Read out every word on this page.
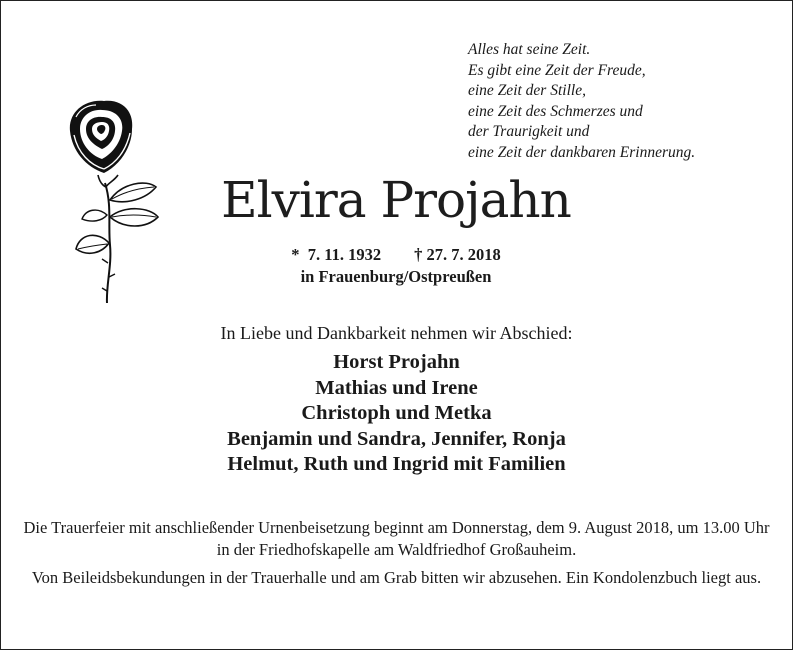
Alles hat seine Zeit.
Es gibt eine Zeit der Freude,
eine Zeit der Stille,
eine Zeit des Schmerzes und
der Traurigkeit und
eine Zeit der dankbaren Erinnerung.
Elvira Projahn
*  7. 11. 1932        † 27. 7. 2018
in Frauenburg/Ostpreußen
In Liebe und Dankbarkeit nehmen wir Abschied:
Horst Projahn
Mathias und Irene
Christoph und Metka
Benjamin und Sandra, Jennifer, Ronja
Helmut, Ruth und Ingrid mit Familien

Die Trauerfeier mit anschließender Urnenbeisetzung beginnt am Donnerstag, dem 9. August 2018, um 13.00 Uhr in der Friedhofskapelle am Waldfriedhof Großauheim.

Von Beileidsbekundungen in der Trauerhalle und am Grab bitten wir abzusehen. Ein Kondolenzbuch liegt aus.
